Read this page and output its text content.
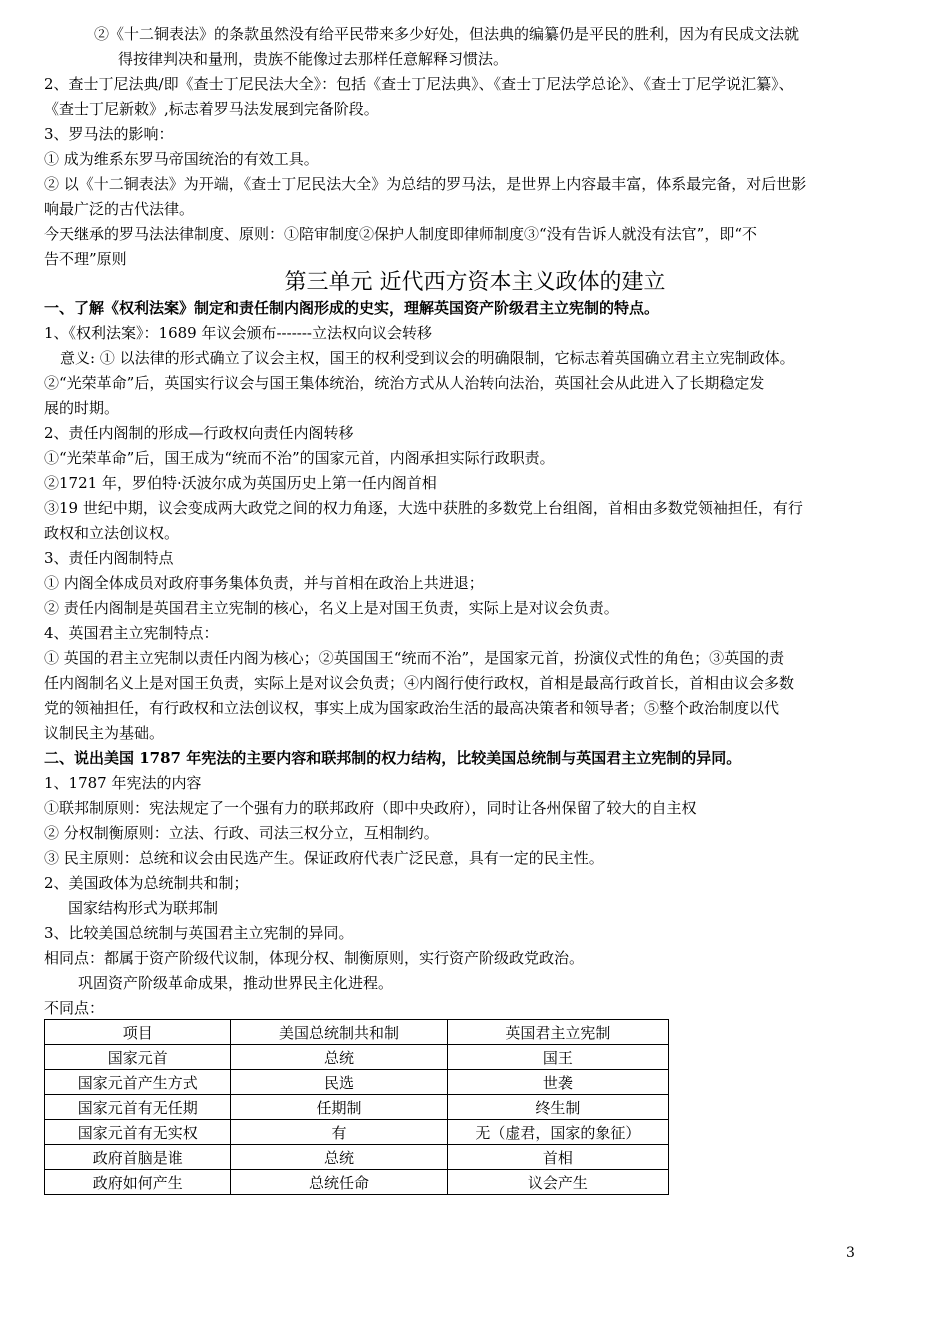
②《十二铜表法》的条款虽然没有给平民带来多少好处，但法典的编纂仍是平民的胜利，因为有民成文法就
得按律判决和量刑，贵族不能像过去那样任意解释习惯法。
2、查士丁尼法典/即《查士丁尼民法大全》：包括《查士丁尼法典》、《查士丁尼法学总论》、《查士丁尼学说汇纂》、
《查士丁尼新敕》,标志着罗马法发展到完备阶段。
3、罗马法的影响：
① 成为维系东罗马帝国统治的有效工具。
② 以《十二铜表法》为开端，《查士丁尼民法大全》为总结的罗马法，是世界上内容最丰富，体系最完备，对后世影
响最广泛的古代法律。
今天继承的罗马法法律制度、原则：①陪审制度②保护人制度即律师制度③“没有告诉人就没有法官”，即“不
告不理”原则
第三单元 近代西方资本主义政体的建立
一、了解《权利法案》制定和责任制内阁形成的史实，理解英国资产阶级君主立宪制的特点。
1、《权利法案》：1689 年议会颁布-------立法权向议会转移
意义: ① 以法律的形式确立了议会主权，国王的权利受到议会的明确限制，它标志着英国确立君主立宪制政体。
②“光荣革命”后，英国实行议会与国王集体统治，统治方式从人治转向法治，英国社会从此进入了长期稳定发
展的时期。
2、责任内阁制的形成—行政权向责任内阁转移
①“光荣革命”后，国王成为“统而不治”的国家元首，内阁承担实际行政职责。
②1721 年，罗伯特·沃波尔成为英国历史上第一任内阁首相
③19 世纪中期，议会变成两大政党之间的权力角逐，大选中获胜的多数党上台组阁，首相由多数党领袖担任，有行
政权和立法创议权。
3、责任内阁制特点
① 内阁全体成员对政府事务集体负责，并与首相在政治上共进退；
② 责任内阁制是英国君主立宪制的核心，名义上是对国王负责，实际上是对议会负责。
4、英国君主立宪制特点：
① 英国的君主立宪制以责任内阁为核心；②英国国王“统而不治”，是国家元首，扮演仪式性的角色；③英国的责
任内阁制名义上是对国王负责，实际上是对议会负责；④内阁行使行政权，首相是最高行政首长，首相由议会多数
党的领袖担任，有行政权和立法创议权，事实上成为国家政治生活的最高决策者和领导者；⑤整个政治制度以代
议制民主为基础。
二、说出美国 1787 年宪法的主要内容和联邦制的权力结构，比较美国总统制与英国君主立宪制的异同。
1、1787 年宪法的内容
①联邦制原则：宪法规定了一个强有力的联邦政府（即中央政府），同时让各州保留了较大的自主权
② 分权制衡原则：立法、行政、司法三权分立，互相制约。
③ 民主原则：总统和议会由民选产生。保证政府代表广泛民意，具有一定的民主性。
2、美国政体为总统制共和制；
国家结构形式为联邦制
3、比较美国总统制与英国君主立宪制的异同。
相同点：都属于资产阶级代议制，体现分权、制衡原则，实行资产阶级政党政治。
巩固资产阶级革命成果，推动世界民主化进程。
不同点：
项目	美国总统制共和制	英国君主立宪制
国家元首	总统	国王
国家元首产生方式	民选	世袭
国家元首有无任期	任期制	终生制
国家元首有无实权	有	无（虚君，国家的象征）
政府首脑是谁	总统	首相
政府如何产生	总统任命	议会产生
3
